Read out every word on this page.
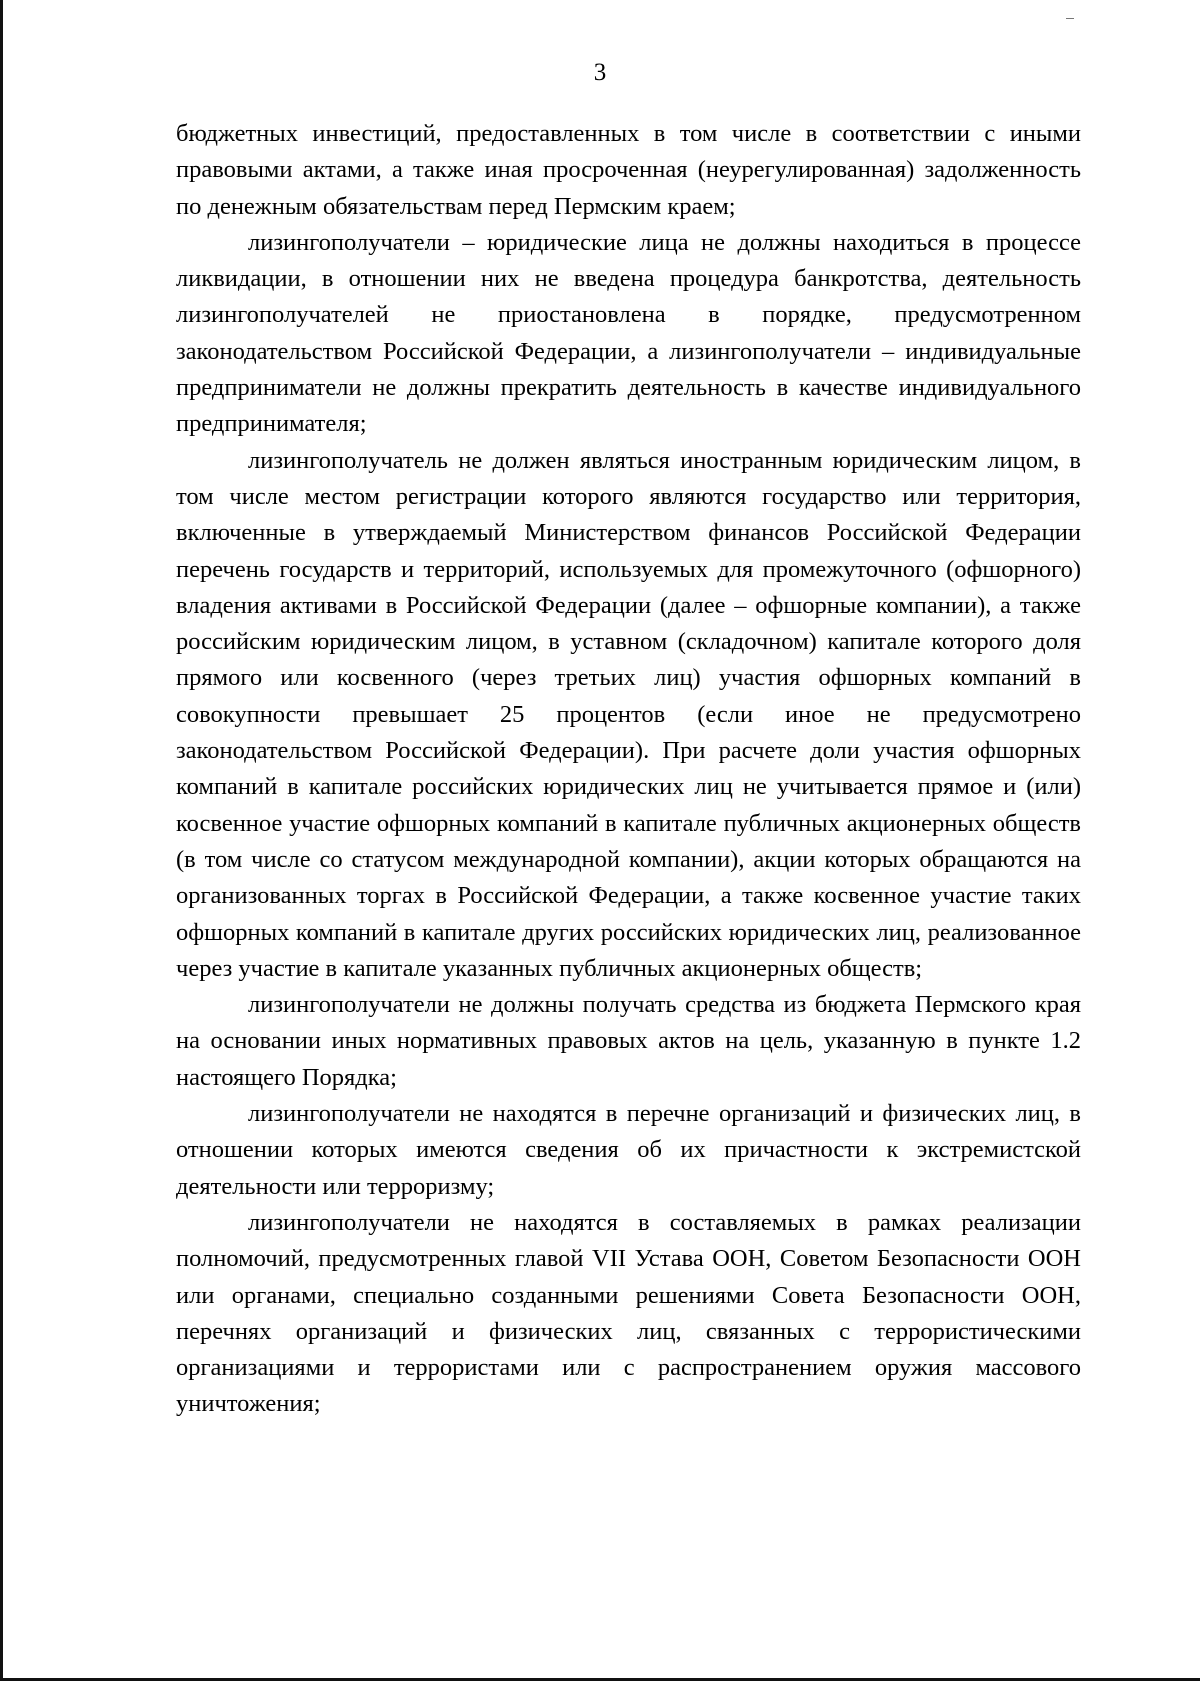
3

бюджетных инвестиций, предоставленных в том числе в соответствии с иными правовыми актами, а также иная просроченная (неурегулированная) задолженность по денежным обязательствам перед Пермским краем;

лизингополучатели – юридические лица не должны находиться в процессе ликвидации, в отношении них не введена процедура банкротства, деятельность лизингополучателей не приостановлена в порядке, предусмотренном законодательством Российской Федерации, а лизингополучатели – индивидуальные предприниматели не должны прекратить деятельность в качестве индивидуального предпринимателя;

лизингополучатель не должен являться иностранным юридическим лицом, в том числе местом регистрации которого являются государство или территория, включенные в утверждаемый Министерством финансов Российской Федерации перечень государств и территорий, используемых для промежуточного (офшорного) владения активами в Российской Федерации (далее – офшорные компании), а также российским юридическим лицом, в уставном (складочном) капитале которого доля прямого или косвенного (через третьих лиц) участия офшорных компаний в совокупности превышает 25 процентов (если иное не предусмотрено законодательством Российской Федерации). При расчете доли участия офшорных компаний в капитале российских юридических лиц не учитывается прямое и (или) косвенное участие офшорных компаний в капитале публичных акционерных обществ (в том числе со статусом международной компании), акции которых обращаются на организованных торгах в Российской Федерации, а также косвенное участие таких офшорных компаний в капитале других российских юридических лиц, реализованное через участие в капитале указанных публичных акционерных обществ;

лизингополучатели не должны получать средства из бюджета Пермского края на основании иных нормативных правовых актов на цель, указанную в пункте 1.2 настоящего Порядка;

лизингополучатели не находятся в перечне организаций и физических лиц, в отношении которых имеются сведения об их причастности к экстремистской деятельности или терроризму;

лизингополучатели не находятся в составляемых в рамках реализации полномочий, предусмотренных главой VII Устава ООН, Советом Безопасности ООН или органами, специально созданными решениями Совета Безопасности ООН, перечнях организаций и физических лиц, связанных с террористическими организациями и террористами или с распространением оружия массового уничтожения;
